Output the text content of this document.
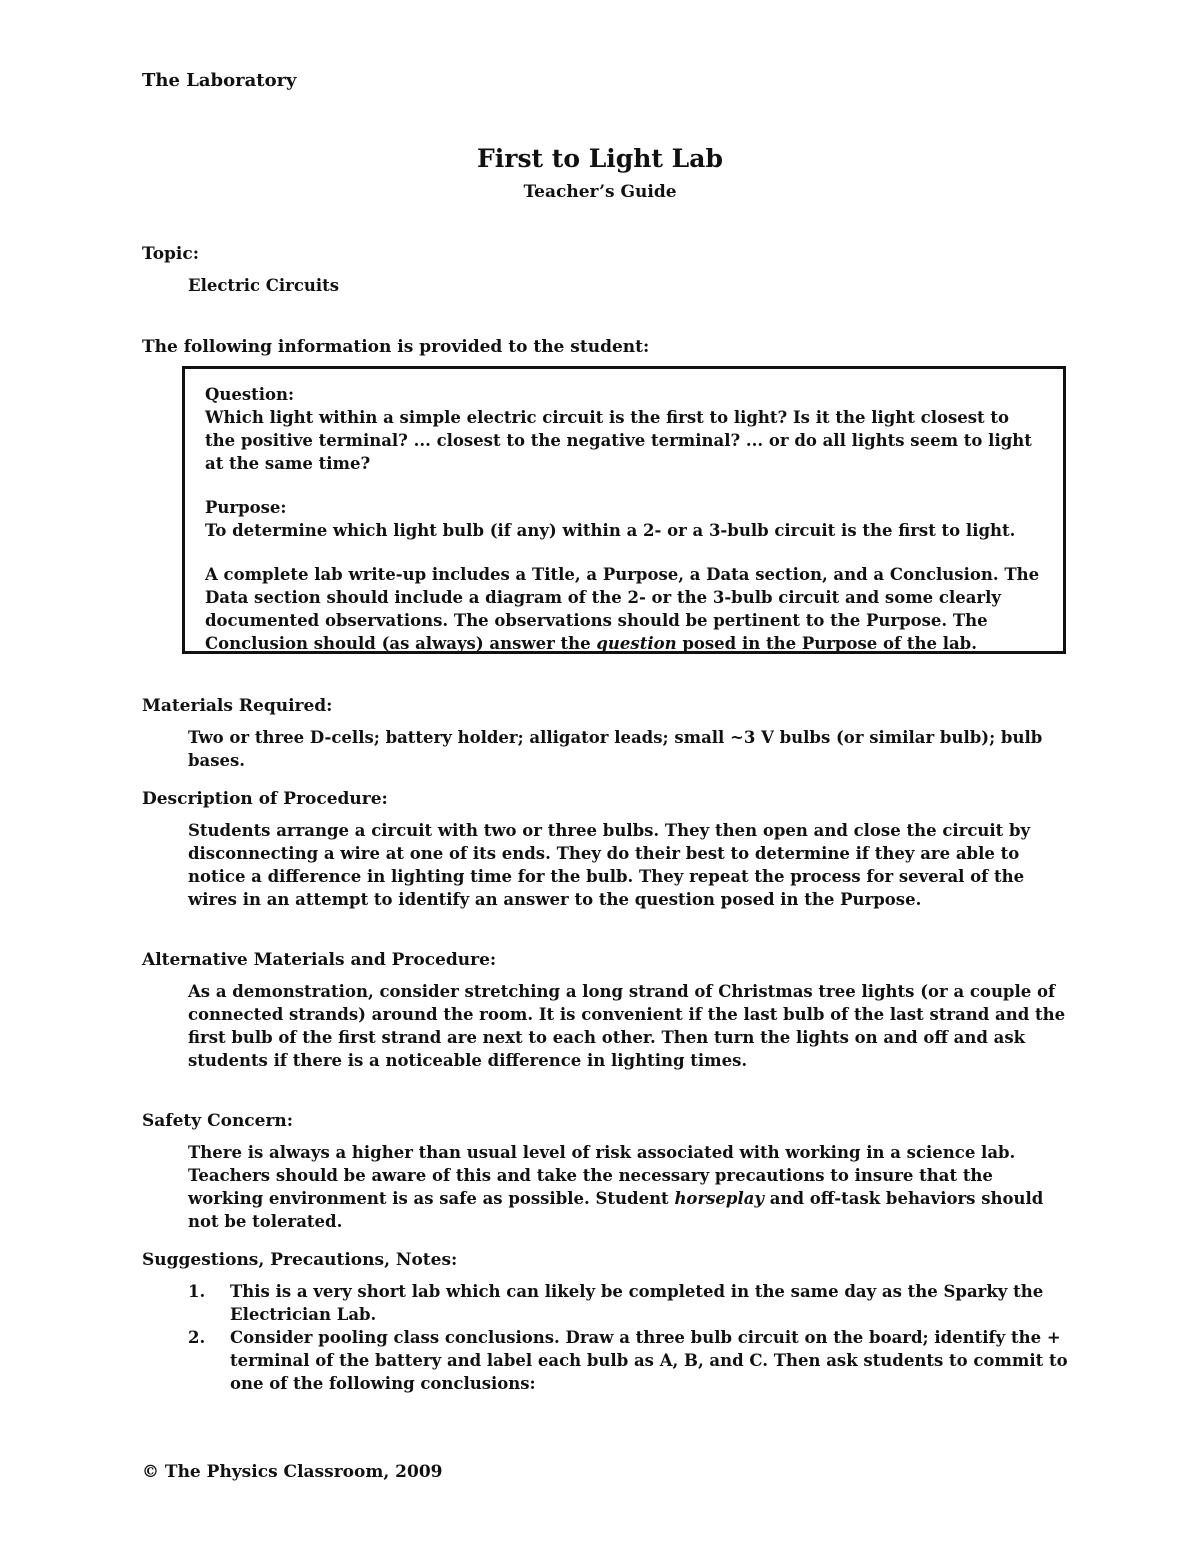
The Laboratory
First to Light Lab
Teacher’s Guide
Topic:
Electric Circuits
The following information is provided to the student:

Question:
Which light within a simple electric circuit is the first to light? Is it the light closest to the positive terminal? ... closest to the negative terminal? ... or do all lights seem to light at the same time?

Purpose:
To determine which light bulb (if any) within a 2- or a 3-bulb circuit is the first to light.

A complete lab write-up includes a Title, a Purpose, a Data section, and a Conclusion. The Data section should include a diagram of the 2- or the 3-bulb circuit and some clearly documented observations. The observations should be pertinent to the Purpose. The Conclusion should (as always) answer the question posed in the Purpose of the lab.

Materials Required:
Two or three D-cells; battery holder; alligator leads; small ~3 V bulbs (or similar bulb); bulb bases.
Description of Procedure:
Students arrange a circuit with two or three bulbs. They then open and close the circuit by disconnecting a wire at one of its ends. They do their best to determine if they are able to notice a difference in lighting time for the bulb. They repeat the process for several of the wires in an attempt to identify an answer to the question posed in the Purpose.
Alternative Materials and Procedure:
As a demonstration, consider stretching a long strand of Christmas tree lights (or a couple of connected strands) around the room. It is convenient if the last bulb of the last strand and the first bulb of the first strand are next to each other. Then turn the lights on and off and ask students if there is a noticeable difference in lighting times.
Safety Concern:
There is always a higher than usual level of risk associated with working in a science lab. Teachers should be aware of this and take the necessary precautions to insure that the working environment is as safe as possible. Student horseplay and off-task behaviors should not be tolerated.
Suggestions, Precautions, Notes:
1. This is a very short lab which can likely be completed in the same day as the Sparky the Electrician Lab.
2. Consider pooling class conclusions. Draw a three bulb circuit on the board; identify the + terminal of the battery and label each bulb as A, B, and C. Then ask students to commit to one of the following conclusions:
© The Physics Classroom, 2009
